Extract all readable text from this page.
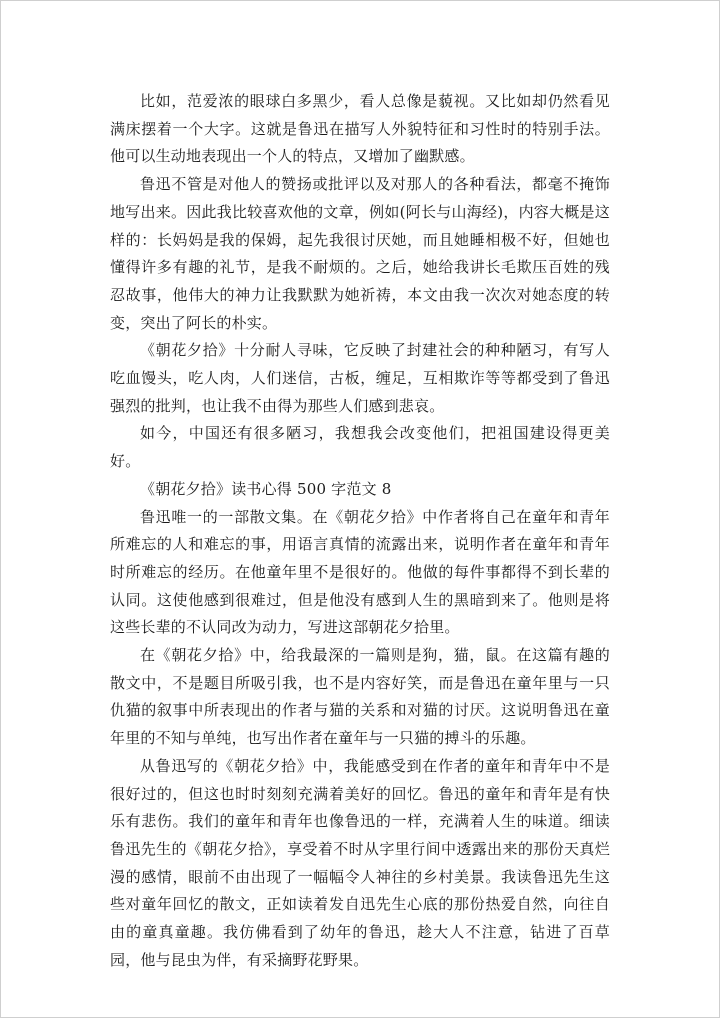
比如，范爱浓的眼球白多黑少，看人总像是藐视。又比如却仍然看见满床摆着一个大字。这就是鲁迅在描写人外貌特征和习性时的特别手法。他可以生动地表现出一个人的特点，又增加了幽默感。

鲁迅不管是对他人的赞扬或批评以及对那人的各种看法，都毫不掩饰地写出来。因此我比较喜欢他的文章，例如(阿长与山海经)，内容大概是这样的：长妈妈是我的保姆，起先我很讨厌她，而且她睡相极不好，但她也懂得许多有趣的礼节，是我不耐烦的。之后，她给我讲长毛欺压百姓的残忍故事，他伟大的神力让我默默为她祈祷，本文由我一次次对她态度的转变，突出了阿长的朴实。

《朝花夕拾》十分耐人寻味，它反映了封建社会的种种陋习，有写人吃血馒头，吃人肉，人们迷信，古板，缠足，互相欺诈等等都受到了鲁迅强烈的批判，也让我不由得为那些人们感到悲哀。

如今，中国还有很多陋习，我想我会改变他们，把祖国建设得更美好。

《朝花夕拾》读书心得 500 字范文 8

鲁迅唯一的一部散文集。在《朝花夕拾》中作者将自己在童年和青年所难忘的人和难忘的事，用语言真情的流露出来，说明作者在童年和青年时所难忘的经历。在他童年里不是很好的。他做的每件事都得不到长辈的认同。这使他感到很难过，但是他没有感到人生的黑暗到来了。他则是将这些长辈的不认同改为动力，写进这部朝花夕拾里。

在《朝花夕拾》中，给我最深的一篇则是狗，猫，鼠。在这篇有趣的散文中，不是题目所吸引我，也不是内容好笑，而是鲁迅在童年里与一只仇猫的叙事中所表现出的作者与猫的关系和对猫的讨厌。这说明鲁迅在童年里的不知与单纯，也写出作者在童年与一只猫的搏斗的乐趣。

从鲁迅写的《朝花夕拾》中，我能感受到在作者的童年和青年中不是很好过的，但这也时时刻刻充满着美好的回忆。鲁迅的童年和青年是有快乐有悲伤。我们的童年和青年也像鲁迅的一样，充满着人生的味道。细读鲁迅先生的《朝花夕拾》，享受着不时从字里行间中透露出来的那份天真烂漫的感情，眼前不由出现了一幅幅令人神往的乡村美景。我读鲁迅先生这些对童年回忆的散文，正如读着发自迅先生心底的那份热爱自然，向往自由的童真童趣。我仿佛看到了幼年的鲁迅，趁大人不注意，钻进了百草园，他与昆虫为伴，有采摘野花野果。
